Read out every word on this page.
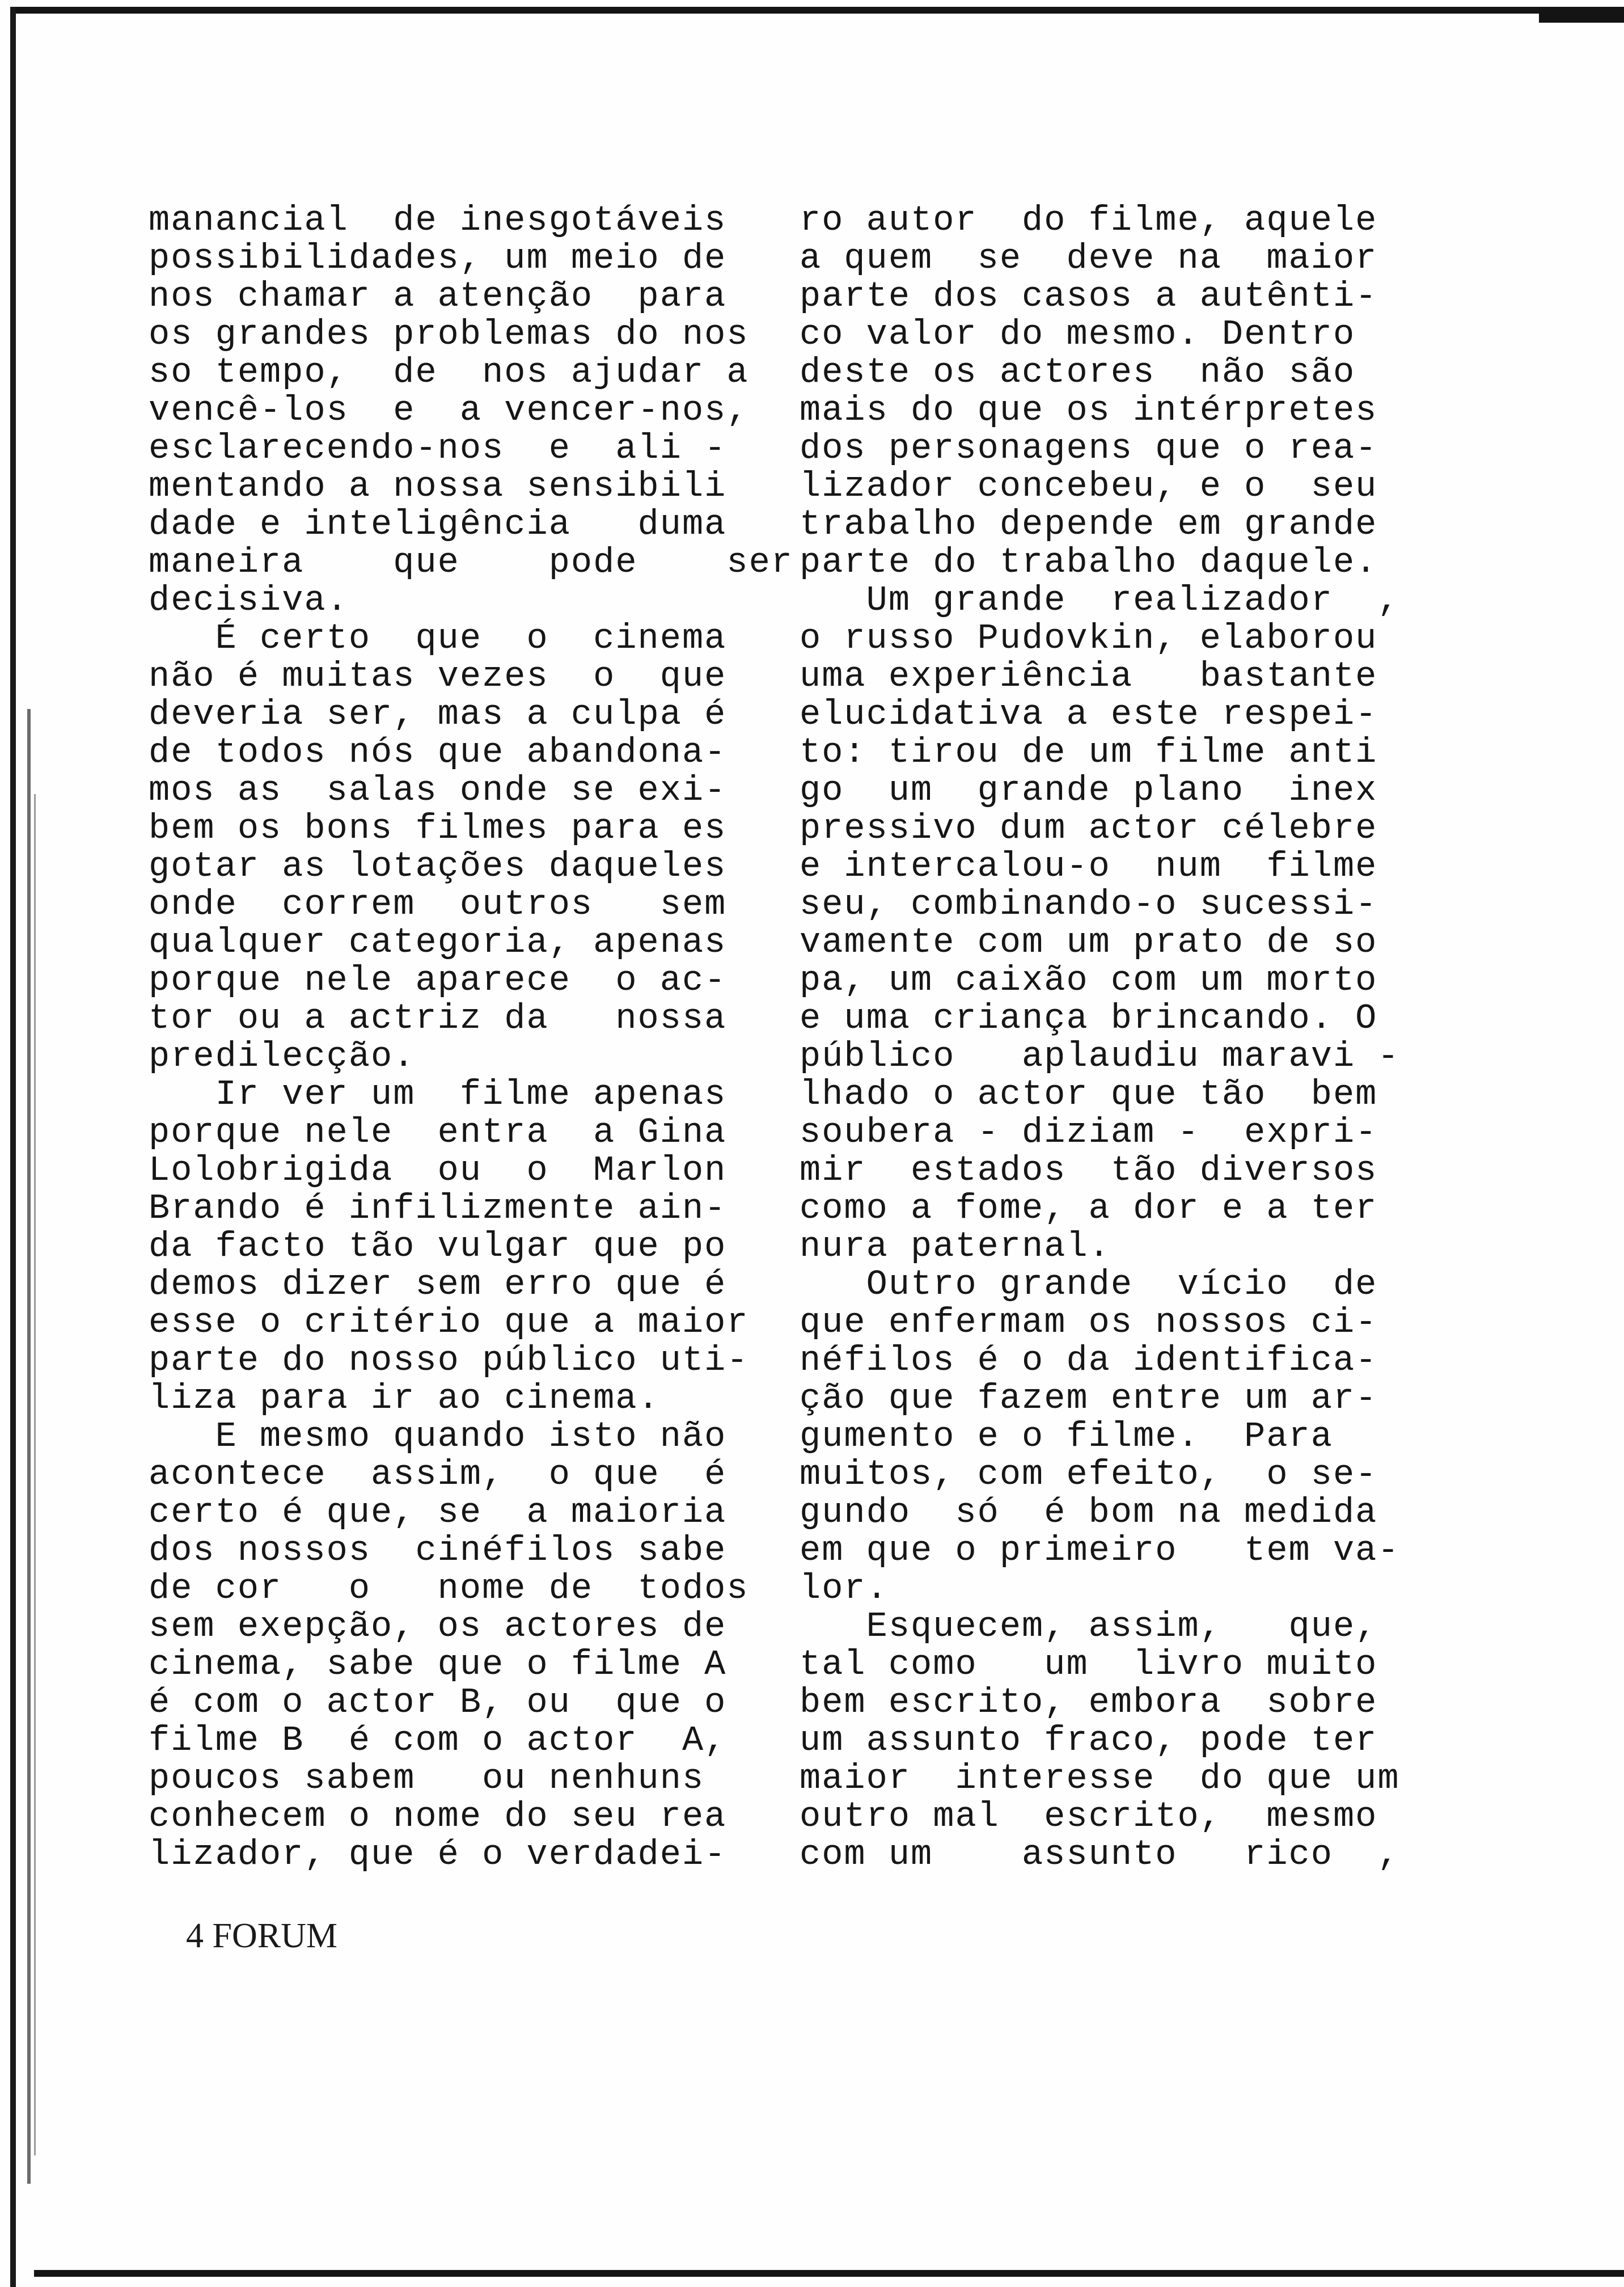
manancial  de inesgotáveis
possibilidades, um meio de
nos chamar a atenção  para
os grandes problemas do nos
so tempo,  de  nos ajudar a
vencê-los  e  a vencer-nos,
esclarecendo-nos  e  ali -
mentando a nossa sensibili
dade e inteligência   duma
maneira    que    pode    ser
decisiva.
É certo  que  o  cinema
não é muitas vezes  o  que
deveria ser, mas a culpa é
de todos nós que abandona-
mos as  salas onde se exi-
bem os bons filmes para es
gotar as lotações daqueles
onde  correm  outros   sem
qualquer categoria, apenas
porque nele aparece  o ac-
tor ou a actriz da   nossa
predilecção.
Ir ver um  filme apenas
porque nele  entra  a Gina
Lolobrigida  ou  o  Marlon
Brando é infilizmente ain-
da facto tão vulgar que po
demos dizer sem erro que é
esse o critério que a maior
parte do nosso público uti-
liza para ir ao cinema.
E mesmo quando isto não
acontece  assim,  o que  é
certo é que, se  a maioria
dos nossos  cinéfilos sabe
de cor   o   nome de  todos
sem exepção, os actores de
cinema, sabe que o filme A
é com o actor B, ou  que o
filme B  é com o actor  A,
poucos sabem   ou nenhuns
conhecem o nome do seu rea
lizador, que é o verdadei-
ro autor  do filme, aquele
a quem  se  deve na  maior
parte dos casos a autênti-
co valor do mesmo. Dentro
deste os actores  não são
mais do que os intérpretes
dos personagens que o rea-
lizador concebeu, e o  seu
trabalho depende em grande
parte do trabalho daquele.
Um grande  realizador  ,
o russo Pudovkin, elaborou
uma experiência   bastante
elucidativa a este respei-
to: tirou de um filme anti
go  um  grande plano  inex
pressivo dum actor célebre
e intercalou-o  num  filme
seu, combinando-o sucessi-
vamente com um prato de so
pa, um caixão com um morto
e uma criança brincando. O
público   aplaudiu maravi -
lhado o actor que tão  bem
soubera - diziam -  expri-
mir  estados  tão diversos
como a fome, a dor e a ter
nura paternal.
Outro grande  vício  de
que enfermam os nossos ci-
néfilos é o da identifica-
ção que fazem entre um ar-
gumento e o filme.  Para
muitos, com efeito,  o se-
gundo  só  é bom na medida
em que o primeiro   tem va-
lor.
Esquecem, assim,   que,
tal como   um  livro muito
bem escrito, embora  sobre
um assunto fraco, pode ter
maior  interesse  do que um
outro mal  escrito,  mesmo
com um    assunto   rico  ,
4 FORUM
